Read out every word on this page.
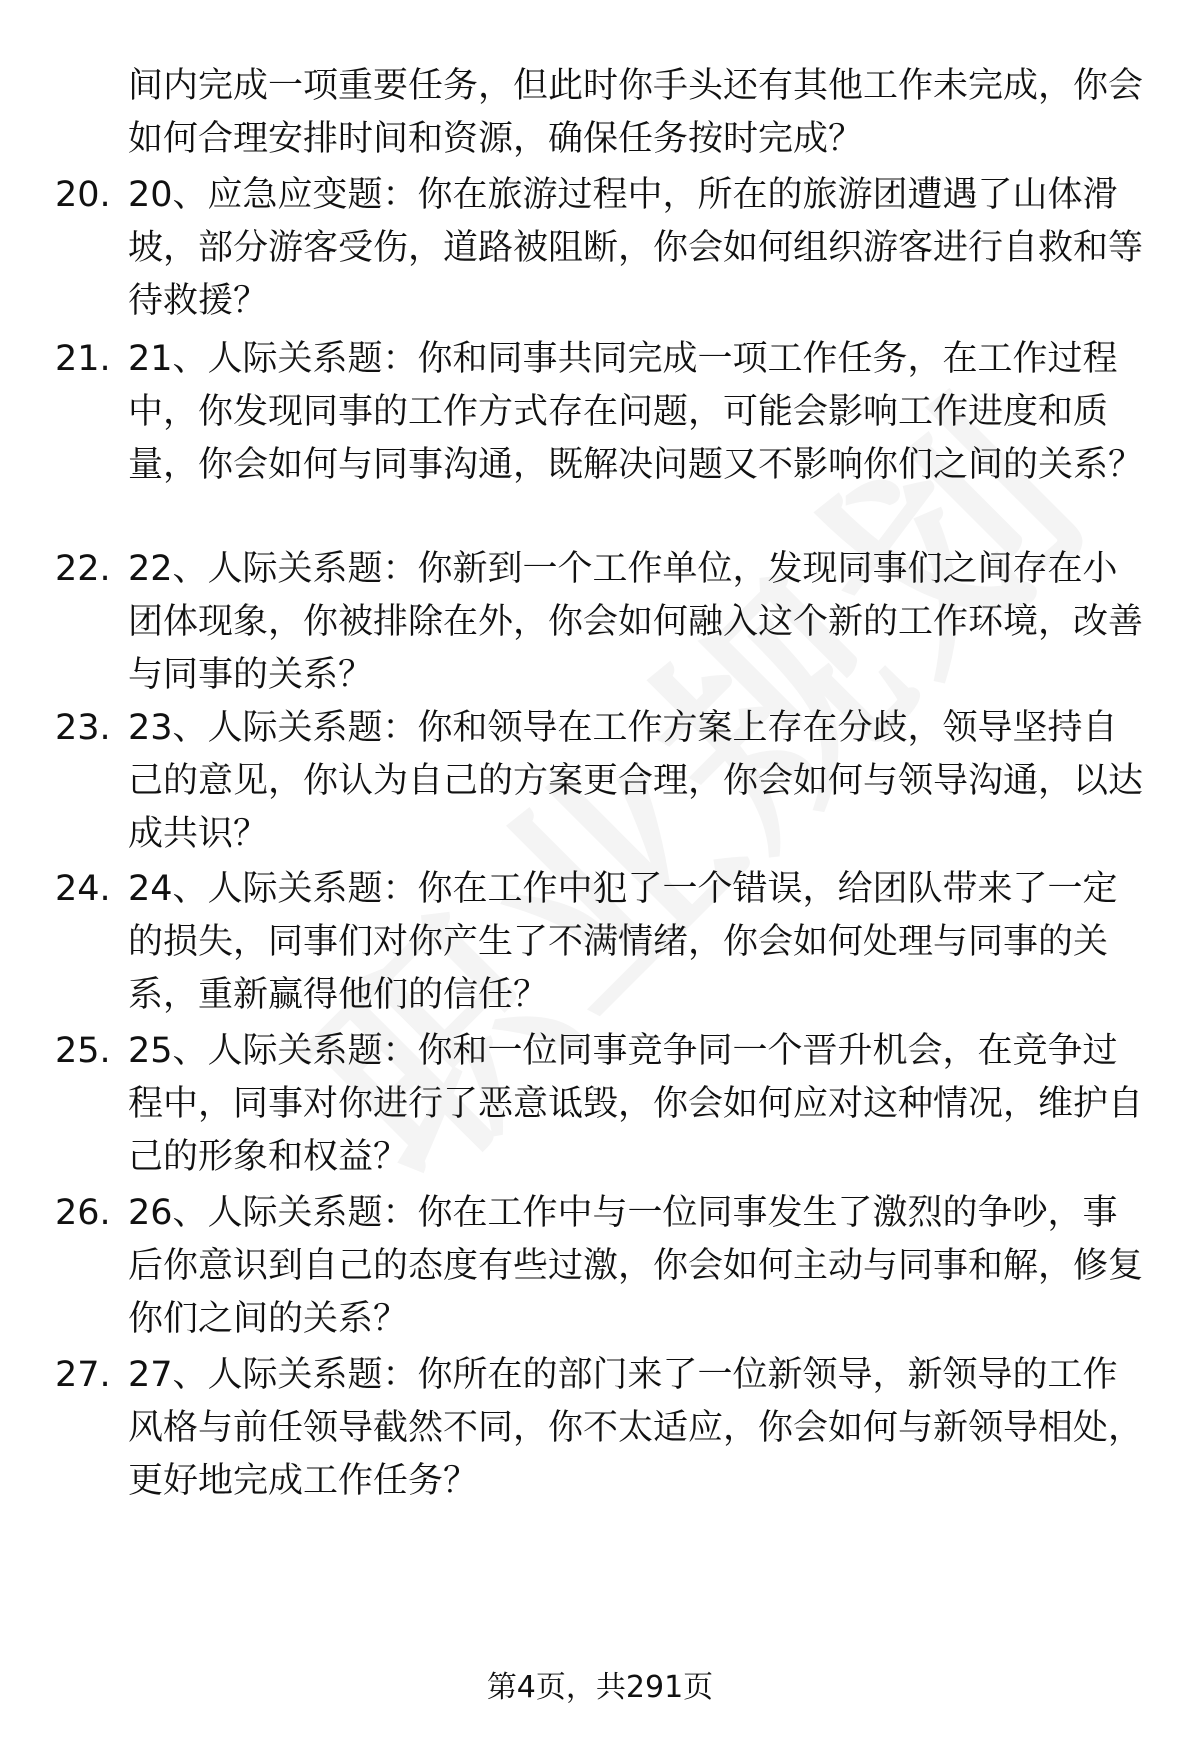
间内完成一项重要任务，但此时你手头还有其他工作未完成，你会如何合理安排时间和资源，确保任务按时完成？
20. 20、应急应变题：你在旅游过程中，所在的旅游团遭遇了山体滑坡，部分游客受伤，道路被阻断，你会如何组织游客进行自救和等待救援？
21. 21、人际关系题：你和同事共同完成一项工作任务，在工作过程中，你发现同事的工作方式存在问题，可能会影响工作进度和质量，你会如何与同事沟通，既解决问题又不影响你们之间的关系？
22. 22、人际关系题：你新到一个工作单位，发现同事们之间存在小团体现象，你被排除在外，你会如何融入这个新的工作环境，改善与同事的关系？
23. 23、人际关系题：你和领导在工作方案上存在分歧，领导坚持自己的意见，你认为自己的方案更合理，你会如何与领导沟通，以达成共识？
24. 24、人际关系题：你在工作中犯了一个错误，给团队带来了一定的损失，同事们对你产生了不满情绪，你会如何处理与同事的关系，重新赢得他们的信任？
25. 25、人际关系题：你和一位同事竞争同一个晋升机会，在竞争过程中，同事对你进行了恶意诋毁，你会如何应对这种情况，维护自己的形象和权益？
26. 26、人际关系题：你在工作中与一位同事发生了激烈的争吵，事后你意识到自己的态度有些过激，你会如何主动与同事和解，修复你们之间的关系？
27. 27、人际关系题：你所在的部门来了一位新领导，新领导的工作风格与前任领导截然不同，你不太适应，你会如何与新领导相处，更好地完成工作任务？
第4页，共291页
